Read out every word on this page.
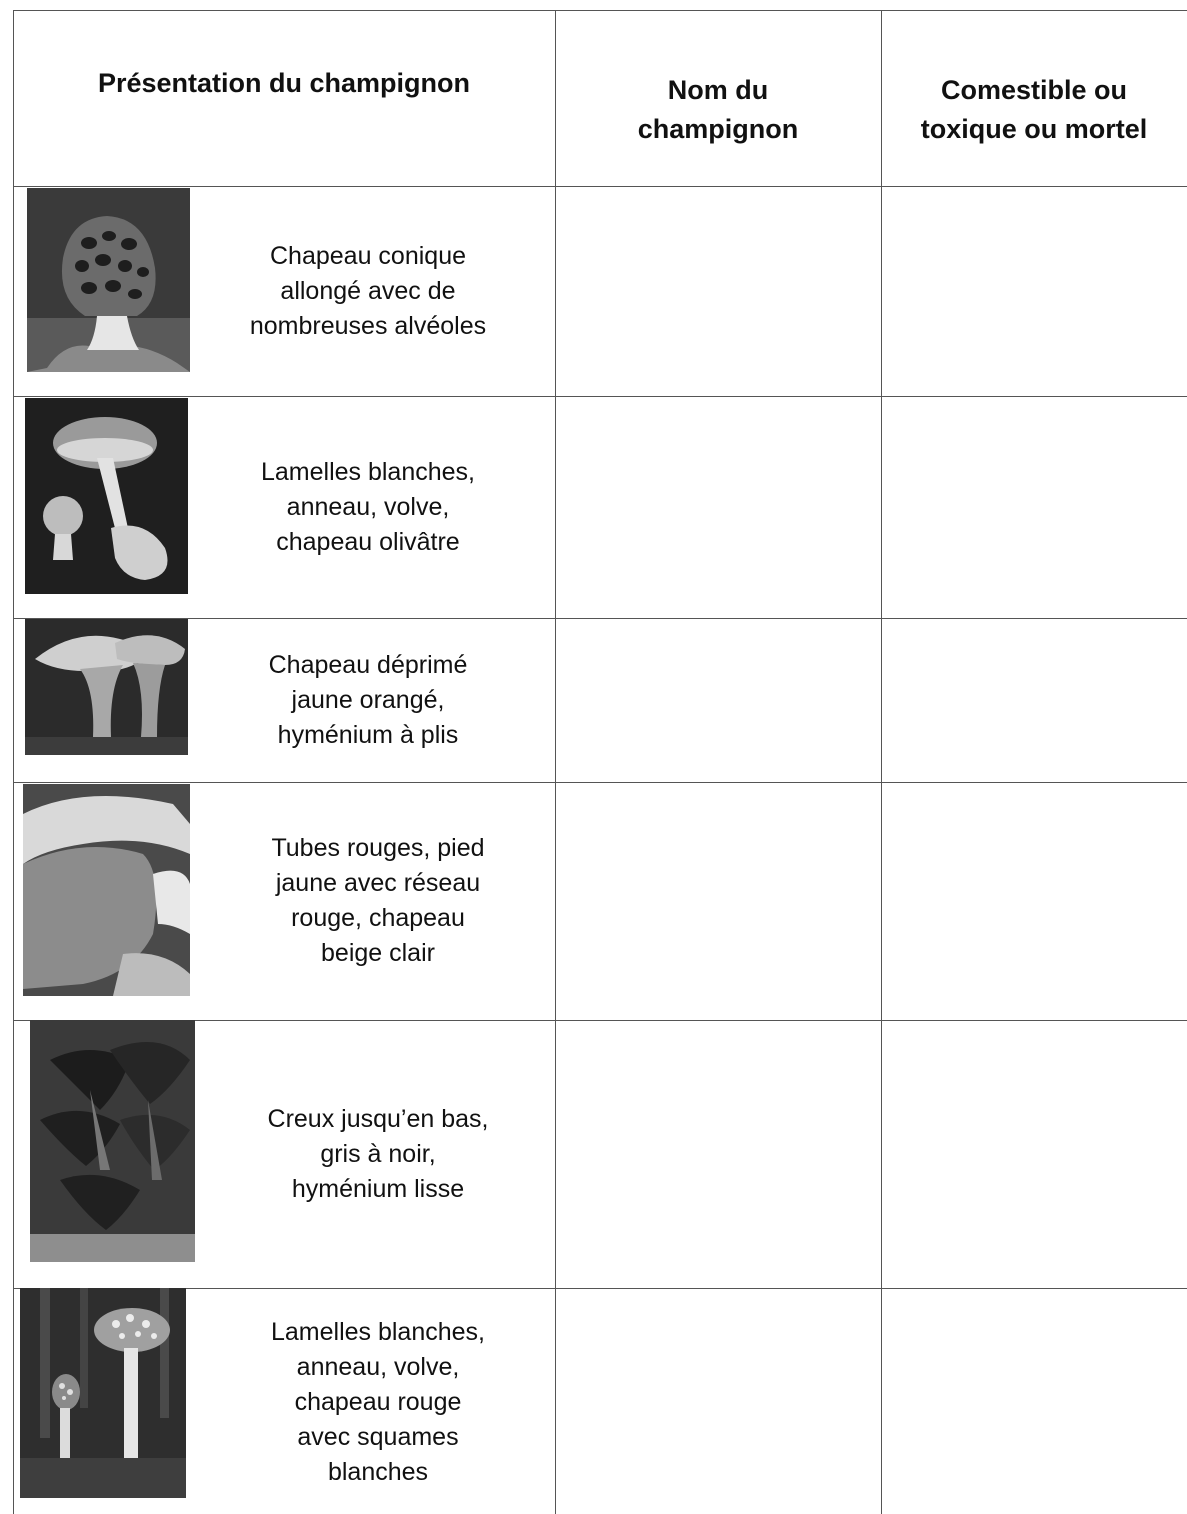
Présentation du champignon	Nom du
champignon
Comestible ou
toxique ou mortel
Chapeau conique
allongé avec de
nombreuses alvéoles
Lamelles blanches,
anneau, volve,
chapeau olivâtre
Chapeau déprimé
jaune orangé,
hyménium à plis
Tubes rouges, pied
jaune avec réseau
rouge, chapeau
beige clair
Creux jusqu’en bas,
gris à noir,
hyménium lisse
Lamelles blanches,
anneau, volve,
chapeau rouge
avec squames
blanches
